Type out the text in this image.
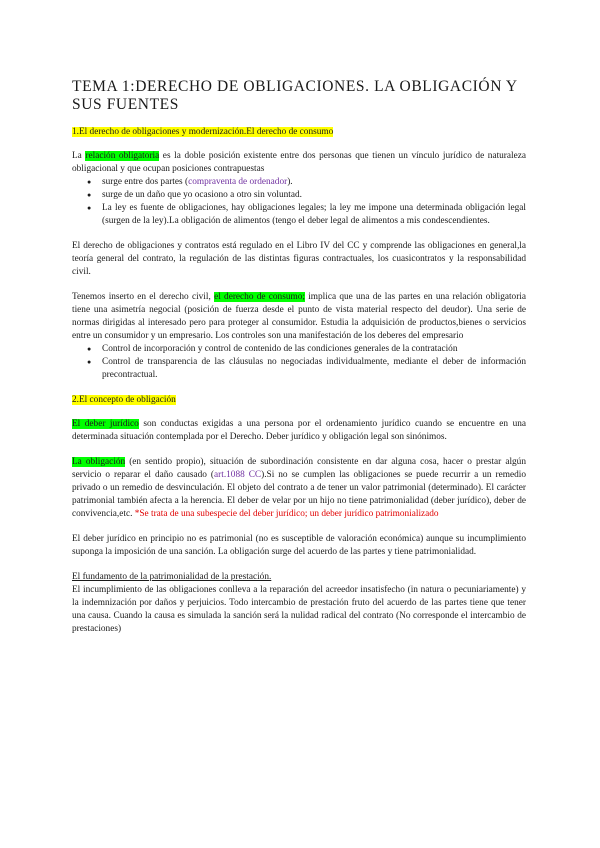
TEMA 1:DERECHO DE OBLIGACIONES. LA OBLIGACIÓN Y SUS FUENTES
1.El derecho de obligaciones y modernización.El derecho de consumo

La relación obligatoria es la doble posición existente entre dos personas que tienen un vínculo jurídico de naturaleza obligacional y que ocupan posiciones contrapuestas

● surge entre dos partes (compraventa de ordenador).
● surge de un daño que yo ocasiono a otro sin voluntad.
● La ley es fuente de obligaciones, hay obligaciones legales; la ley me impone una determinada obligación legal (surgen de la ley).La obligación de alimentos (tengo el deber legal de alimentos a mis condescendientes.

El derecho de obligaciones y contratos está regulado en el Libro IV del CC y comprende las obligaciones en general,la teoría general del contrato, la regulación de las distintas figuras contractuales, los cuasicontratos y la responsabilidad civil.

Tenemos inserto en el derecho civil, el derecho de consumo; implica que una de las partes en una relación obligatoria tiene una asimetría negocial (posición de fuerza desde el punto de vista material respecto del deudor). Una serie de normas dirigidas al interesado pero para proteger al consumidor. Estudia la adquisición de productos,bienes o servicios entre un consumidor y un empresario. Los controles son una manifestación de los deberes del empresario

● Control de incorporación y control de contenido de las condiciones generales de la contratación
● Control de transparencia de las cláusulas no negociadas individualmente, mediante el deber de información precontractual.
2.El concepto de obligación

El deber jurídico son conductas exigidas a una persona por el ordenamiento jurídico cuando se encuentre en una determinada situación contemplada por el Derecho. Deber jurídico y obligación legal son sinónimos.

La obligación (en sentido propio), situación de subordinación consistente en dar alguna cosa, hacer o prestar algún servicio o reparar el daño causado (art.1088 CC).Si no se cumplen las obligaciones se puede recurrir a un remedio privado o un remedio de desvinculación. El objeto del contrato a de tener un valor patrimonial (determinado). El carácter patrimonial también afecta a la herencia. El deber de velar por un hijo no tiene patrimonialidad (deber jurídico), deber de convivencia,etc. *Se trata de una subespecie del deber jurídico; un deber jurídico patrimonializado

El deber jurídico en principio no es patrimonial (no es susceptible de valoración económica) aunque su incumplimiento suponga la imposición de una sanción. La obligación surge del acuerdo de las partes y tiene patrimonialidad.

El fundamento de la patrimonialidad de la prestación.

El incumplimiento de las obligaciones conlleva a la reparación del acreedor insatisfecho (in natura o pecuniariamente) y la indemnización por daños y perjuicios. Todo intercambio de prestación fruto del acuerdo de las partes tiene que tener una causa. Cuando la causa es simulada la sanción será la nulidad radical del contrato (No corresponde el intercambio de prestaciones)
